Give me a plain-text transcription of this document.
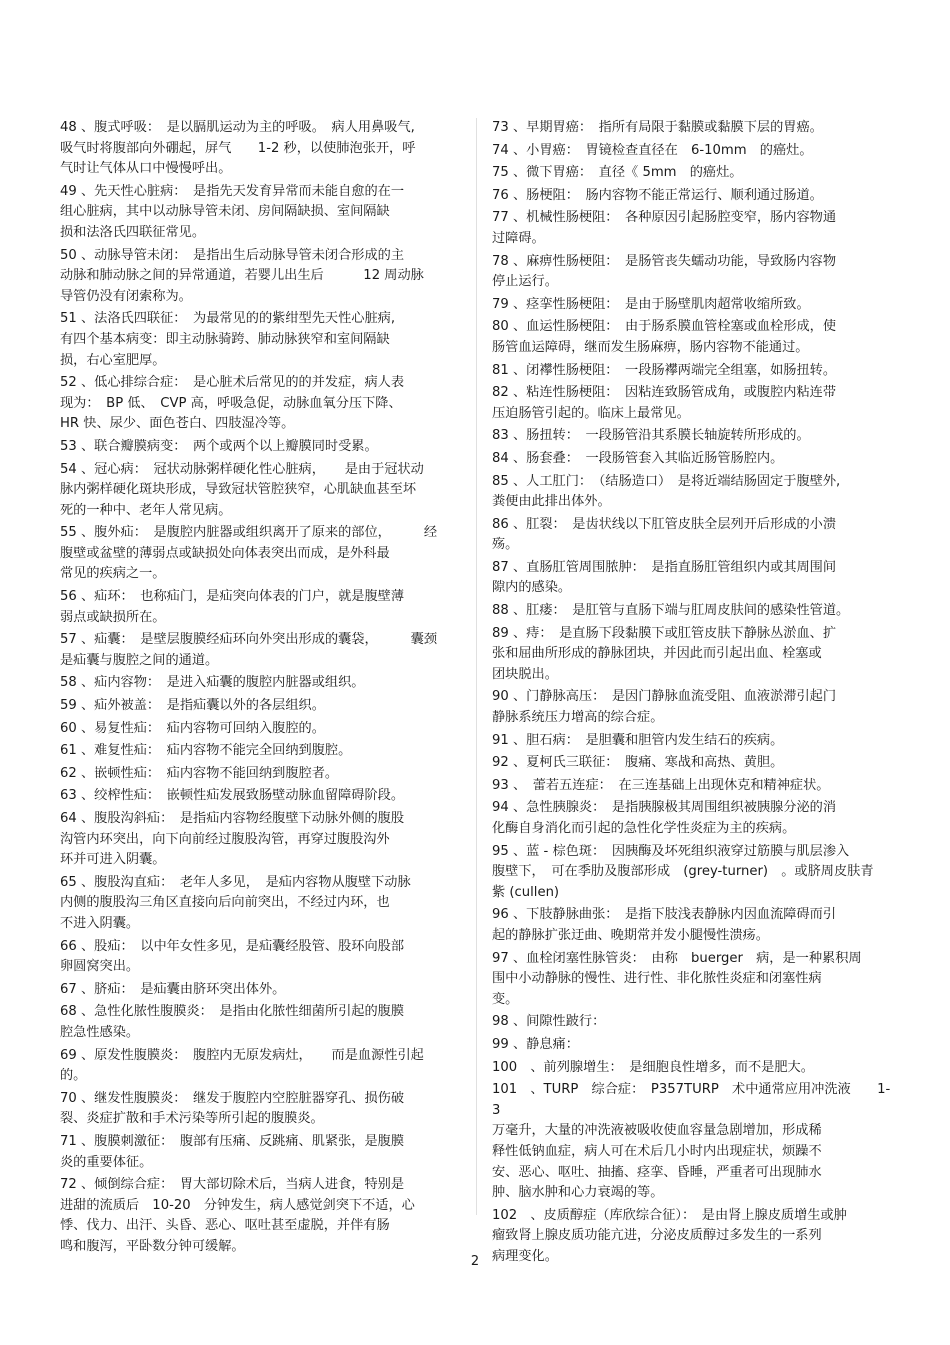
48 、腹式呼吸：　是以膈肌运动为主的呼吸。　病人用鼻吸气,
吸气时将腹部向外硼起，屏气　　1-2 秒，以使肺泡张开，呼
气时让气体从口中慢慢呼出。
49 、先天性心脏病：　是指先天发育异常而未能自愈的在一
组心脏病，其中以动脉导管未闭、房间隔缺损、室间隔缺
损和法洛氏四联征常见。
50 、动脉导管未闭：　是指出生后动脉导管未闭合形成的主
动脉和肺动脉之间的异常通道，若婴儿出生后　　　12 周动脉
导管仍没有闭索称为。
51 、法洛氏四联征：　为最常见的的紫绀型先天性心脏病,
有四个基本病变：即主动脉骑跨、肺动脉狭窄和室间隔缺
损，右心室肥厚。
52 、低心排综合症：　是心脏术后常见的的并发症，病人表
现为：　BP 低、　CVP 高，呼吸急促，动脉血氧分压下降、
HR 快、尿少、面色苍白、四肢湿冷等。
53 、联合瓣膜病变：　两个或两个以上瓣膜同时受累。
54 、冠心病：　冠状动脉粥样硬化性心脏病，　　是由于冠状动
脉内粥样硬化斑块形成，导致冠状管腔狭窄，心肌缺血甚至坏
死的一种中、老年人常见病。
55 、腹外疝：　是腹腔内脏器或组织离开了原来的部位，　　　经
腹壁或盆壁的薄弱点或缺损处向体表突出而成，是外科最
常见的疾病之一。
56 、疝环：　也称疝门，是疝突向体表的门户，就是腹壁薄
弱点或缺损所在。
57 、疝囊：　是壁层腹膜经疝环向外突出形成的囊袋，　　　囊颈
是疝囊与腹腔之间的通道。
58 、疝内容物：　是进入疝囊的腹腔内脏器或组织。
59 、疝外被盖：　是指疝囊以外的各层组织。
60 、易复性疝：　疝内容物可回纳入腹腔的。
61 、难复性疝：　疝内容物不能完全回纳到腹腔。
62 、嵌顿性疝：　疝内容物不能回纳到腹腔者。
63 、绞榨性疝：　嵌顿性疝发展致肠壁动脉血留障碍阶段。
64 、腹股沟斜疝：　是指疝内容物经腹壁下动脉外侧的腹股
沟管内环突出，向下向前经过腹股沟管，再穿过腹股沟外
环并可进入阴囊。
65 、腹股沟直疝：　老年人多见，　是疝内容物从腹壁下动脉
内侧的腹股沟三角区直接向后向前突出，不经过内环，也
不进入阴囊。
66 、股疝：　以中年女性多见，是疝囊经股管、股环向股部
卵圆窝突出。
67 、脐疝：　是疝囊由脐环突出体外。
68 、急性化脓性腹膜炎：　是指由化脓性细菌所引起的腹膜
腔急性感染。
69 、原发性腹膜炎：　腹腔内无原发病灶，　　而是血源性引起
的。
70 、继发性腹膜炎：　继发于腹腔内空腔脏器穿孔、损伤破
裂、炎症扩散和手术污染等所引起的腹膜炎。
71 、腹膜刺激征：　腹部有压痛、反跳痛、肌紧张，是腹膜
炎的重要体征。
72 、倾倒综合症：　胃大部切除术后，当病人进食，特别是
进甜的流质后　10-20　分钟发生，病人感觉剑突下不适，心
悸、伐力、出汗、头昏、恶心、呕吐甚至虚脱，并伴有肠
鸣和腹泻，平卧数分钟可缓解。
73 、早期胃癌：　指所有局限于黏膜或黏膜下层的胃癌。
74 、小胃癌：　胃镜检查直径在　6-10mm　的癌灶。
75 、微下胃癌：　直径《 5mm　的癌灶。
76 、肠梗阻：　肠内容物不能正常运行、顺利通过肠道。
77 、机械性肠梗阻：　各种原因引起肠腔变窄，肠内容物通
过障碍。
78 、麻痹性肠梗阻：　是肠管丧失蠕动功能，导致肠内容物
停止运行。
79 、痉挛性肠梗阻：　是由于肠壁肌肉超常收缩所致。
80 、血运性肠梗阻：　由于肠系膜血管栓塞或血栓形成，使
肠管血运障碍，继而发生肠麻痹，肠内容物不能通过。
81 、闭襻性肠梗阻：　一段肠襻两端完全组塞，如肠扭转。
82 、粘连性肠梗阻：　因粘连致肠管成角，或腹腔内粘连带
压迫肠管引起的。临床上最常见。
83 、肠扭转：　一段肠管沿其系膜长轴旋转所形成的。
84 、肠套叠：　一段肠管套入其临近肠管肠腔内。
85 、人工肛门：　（结肠造口）　是将近端结肠固定于腹壁外,
粪便由此排出体外。
86 、肛裂：　是齿状线以下肛管皮肤全层列开后形成的小溃
殇。
87 、直肠肛管周围脓肿：　是指直肠肛管组织内或其周围间
隙内的感染。
88 、肛瘘：　是肛管与直肠下端与肛周皮肤间的感染性管道。
89 、痔：　是直肠下段黏膜下或肛管皮肤下静脉丛淤血、扩
张和屈曲所形成的静脉团块，并因此而引起出血、栓塞或
团块脱出。
90 、门静脉高压：　是因门静脉血流受阻、血液淤滞引起门
静脉系统压力增高的综合症。
91 、胆石病：　是胆囊和胆管内发生结石的疾病。
92 、夏柯氏三联征：　腹痛、寒战和高热、黄胆。
93 、　蕾若五连症：　在三连基础上出现休克和精神症状。
94 、急性胰腺炎：　是指胰腺极其周围组织被胰腺分泌的消
化酶自身消化而引起的急性化学性炎症为主的疾病。
95 、蓝 - 棕色斑：　因胰酶及坏死组织液穿过筋膜与肌层渗入
腹壁下，　可在季肋及腹部形成　(grey-turner)　。或脐周皮肤青
紫 (cullen)
96 、下肢静脉曲张：　是指下肢浅表静脉内因血流障碍而引
起的静脉扩张迂曲、晚期常并发小腿慢性溃疡。
97 、血栓闭塞性脉管炎：　由称　buerger　病，是一种累积周
围中小动静脉的慢性、进行性、非化脓性炎症和闭塞性病
变。
98 、间隙性跛行：
99 、静息痛：
100　、前列腺增生：　是细胞良性增多，而不是肥大。
101　、TURP　综合症：　P357TURP　术中通常应用冲洗液　　1-3
万毫升，大量的冲洗液被吸收使血容量急剧增加，形成稀
释性低钠血症，病人可在术后几小时内出现症状，烦躁不
安、恶心、呕吐、抽搐、痉挛、昏睡，严重者可出现肺水
肿、脑水肿和心力衰竭的等。
102　、皮质醇症（库欣综合征）：　是由肾上腺皮质增生或肿
瘤致肾上腺皮质功能亢进，分泌皮质醇过多发生的一系列
病理变化。
2
